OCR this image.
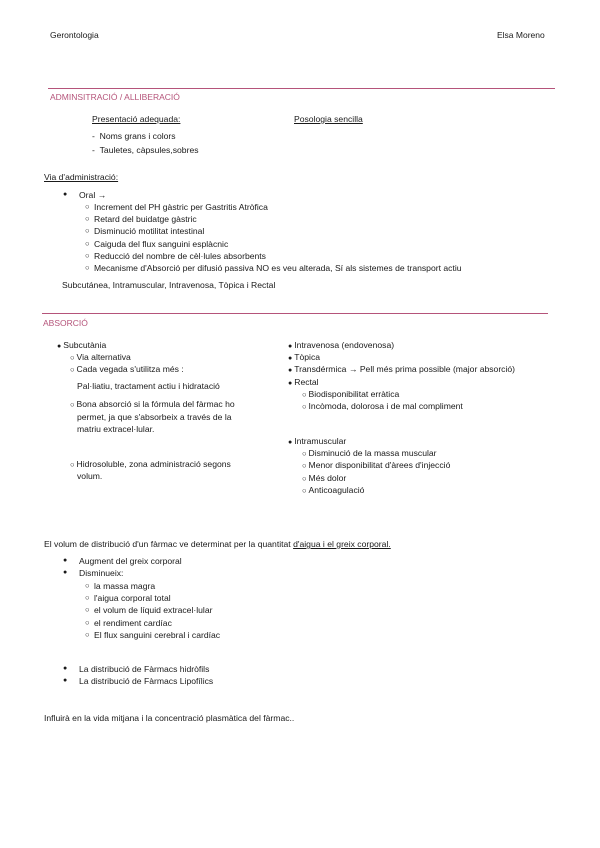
Gerontologia	Elsa Moreno
ADMINSITRACIÓ / ALLIBERACIÓ
Presentació adequada:	Posologia sencilla
-  Noms grans i colors
-  Tauletes, càpsules,sobres
Via d'administració:
● Oral →
○ Increment del PH gàstric per Gastritis Atròfica
○ Retard del buidatge gàstric
○ Disminució motilitat intestinal
○ Caiguda del flux sanguini esplàcnic
○ Reducció del nombre de cèl·lules absorbents
○ Mecanisme d'Absorció per difusió passiva NO es veu alterada, Sí als sistemes de transport actiu
Subcutánea, Intramuscular, Intravenosa, Tòpica i Rectal
ABSORCIÓ
● Subcutània
○ Via alternativa
○ Cada vegada s'utilitza més :
Pal·liatiu, tractament actiu i hidratació
○ Bona absorció si la fórmula del fàrmac ho
permet, ja que s'absorbeix a través de la
matriu extracel·lular.
○ Hidrosoluble, zona administració segons
volum.
● Intravenosa (endovenosa)
● Tòpica
● Transdérmica → Pell més prima possible (major absorció)
● Rectal
○ Biodisponibilitat erràtica
○ Incòmoda, dolorosa i de mal compliment
● Intramuscular
○ Disminució de la massa muscular
○ Menor disponibilitat d'àrees d'injecció
○ Més dolor
○ Anticoagulació
El volum de distribució d'un fàrmac ve determinat per la quantitat d'aigua i el greix corporal.
● Augment del greix corporal
● Disminueix:
○ la massa magra
○ l'aigua corporal total
○ el volum de líquid extracel·lular
○ el rendiment cardíac
○ El flux sanguini cerebral i cardíac
● La distribució de Fàrmacs hidròfils
● La distribució de Fàrmacs Lipofílics
Influirà en la vida mitjana i la concentració plasmàtica del fàrmac..
